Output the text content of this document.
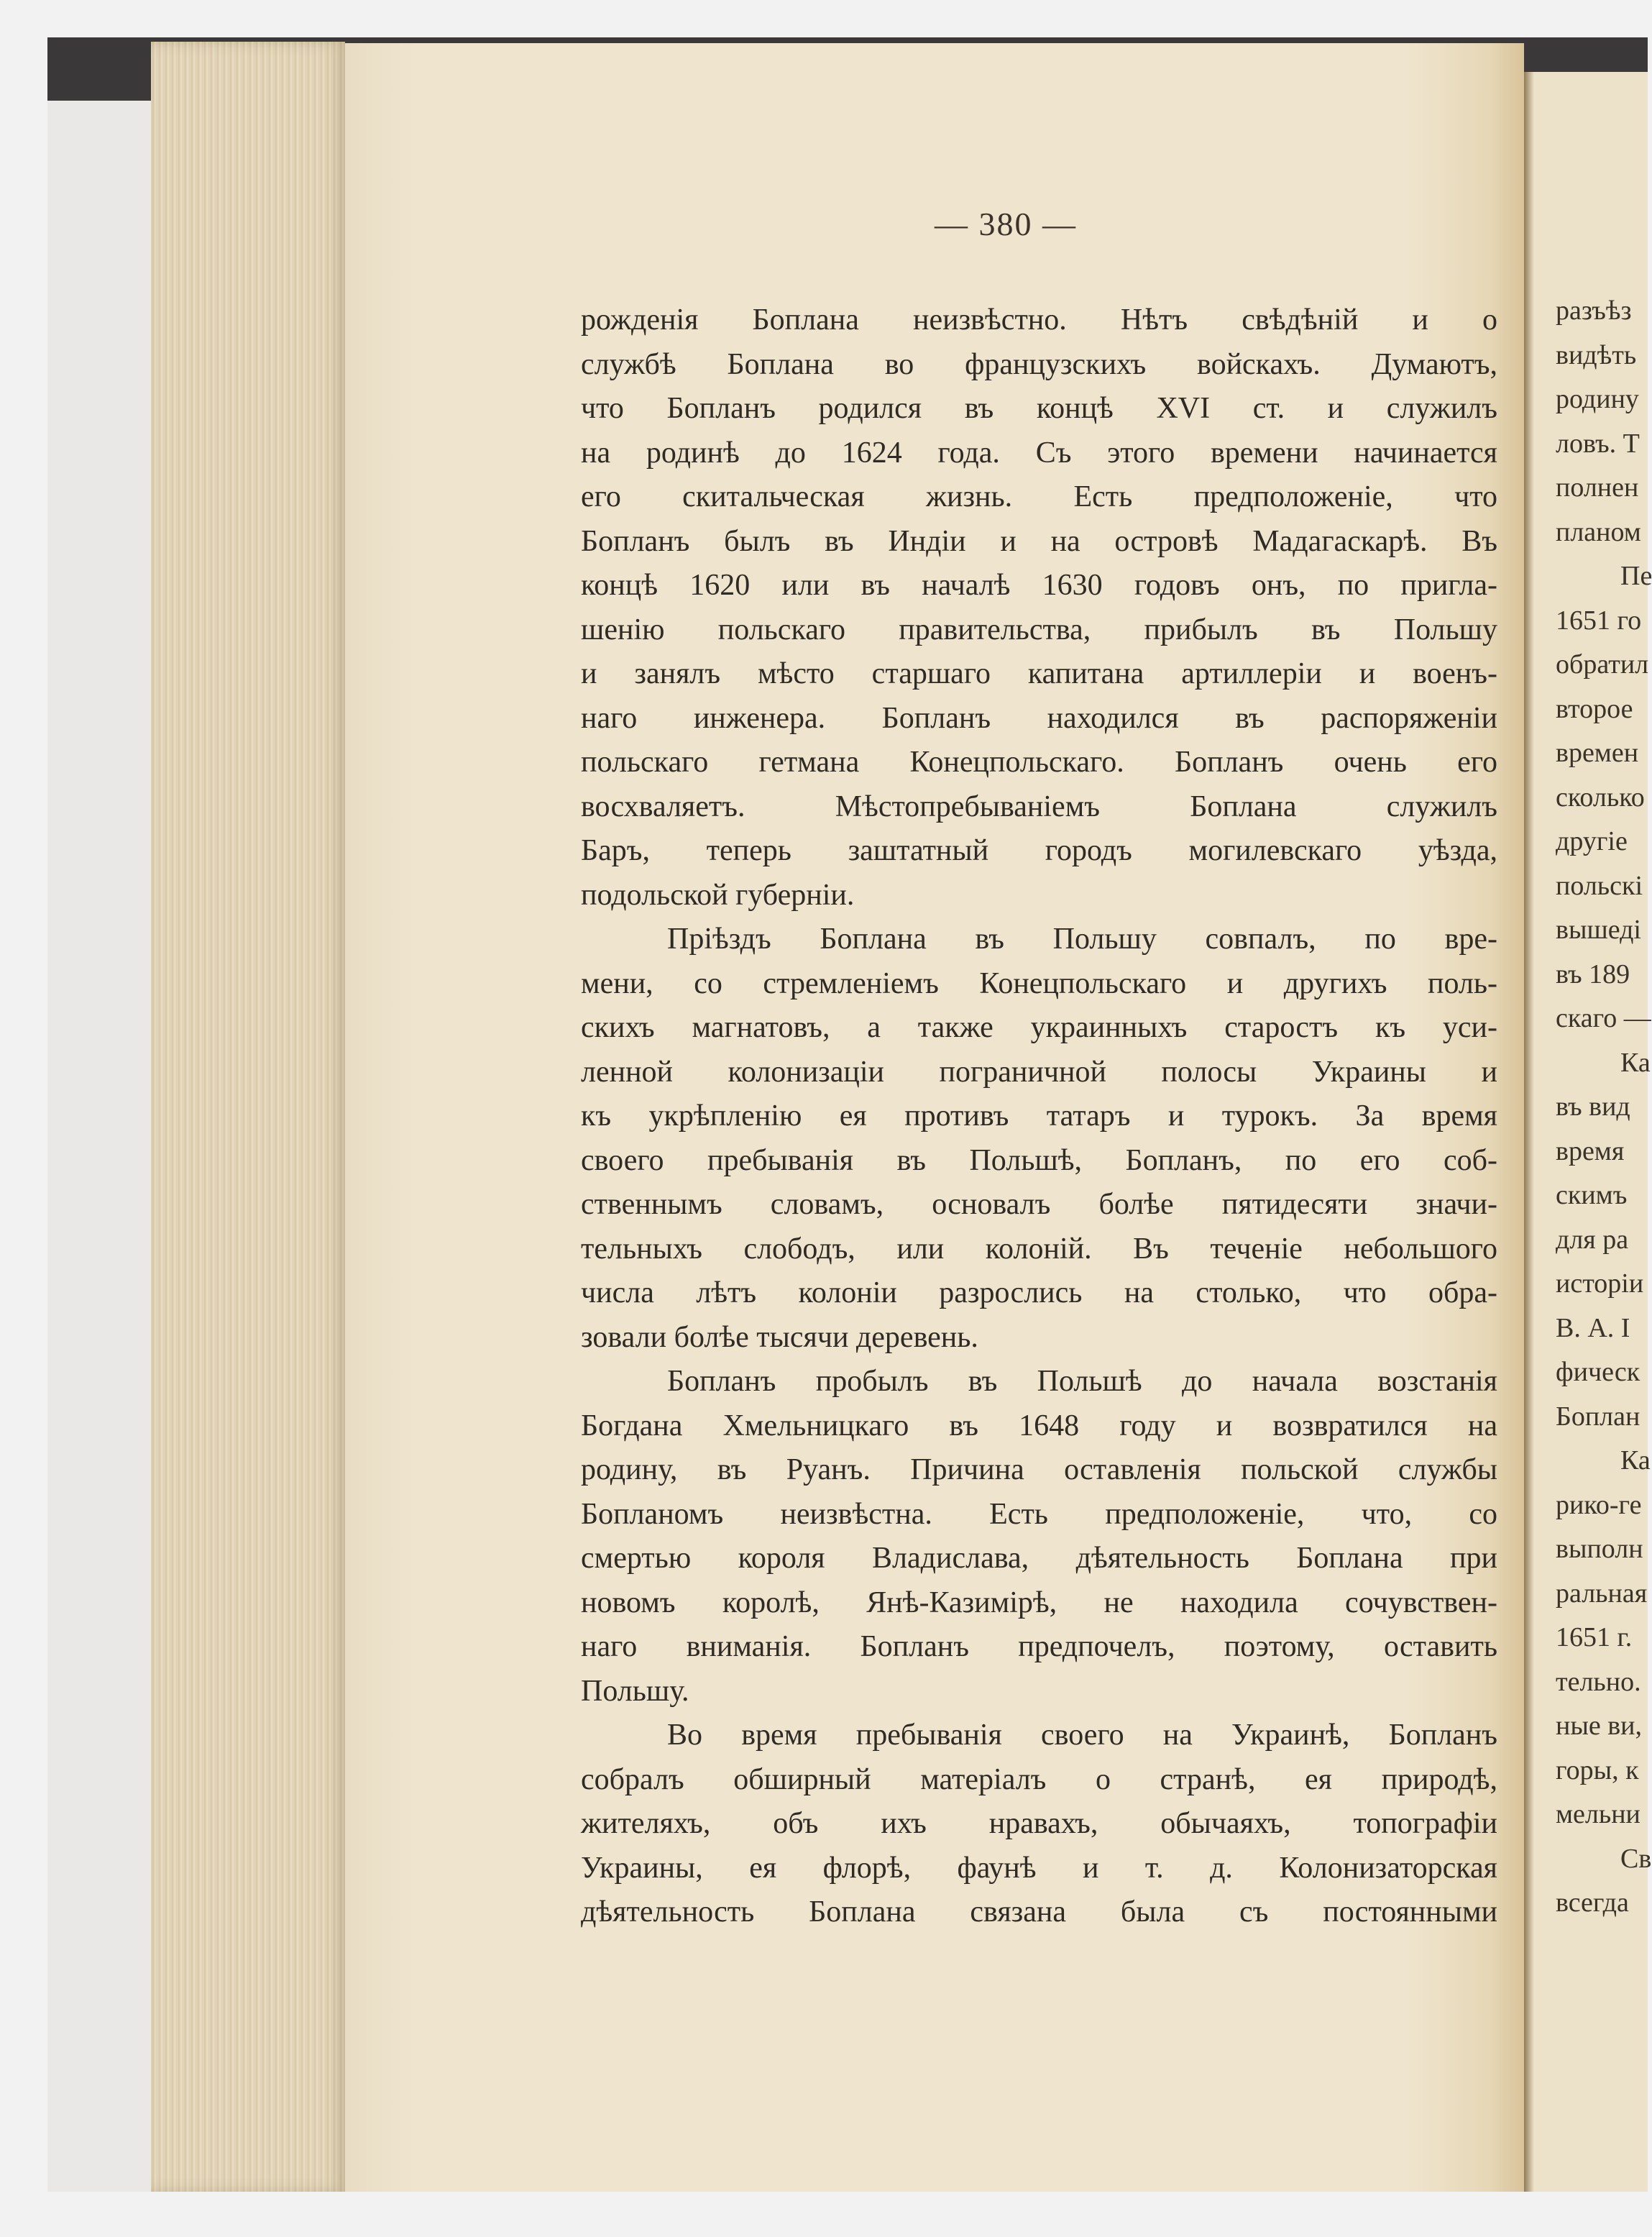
— 380 —
рожденія Боплана неизвѣстно. Нѣтъ свѣдѣній и о
службѣ Боплана во французскихъ войскахъ. Думаютъ,
что Бопланъ родился въ концѣ XVI ст. и служилъ
на родинѣ до 1624 года. Съ этого времени начинается
его скитальческая жизнь. Есть предположеніе, что
Бопланъ былъ въ Индіи и на островѣ Мадагаскарѣ. Въ
концѣ 1620 или въ началѣ 1630 годовъ онъ, по пригла-
шенію польскаго правительства, прибылъ въ Польшу
и занялъ мѣсто старшаго капитана артиллеріи и военъ-
наго инженера. Бопланъ находился въ распоряженіи
польскаго гетмана Конецпольскаго. Бопланъ очень его
восхваляетъ. Мѣстопребываніемъ Боплана служилъ
Баръ, теперь заштатный городъ могилевскаго уѣзда,
подольской губерніи.
Пріѣздъ Боплана въ Польшу совпалъ, по вре-
мени, со стремленіемъ Конецпольскаго и другихъ поль-
скихъ магнатовъ, а также украинныхъ старостъ къ уси-
ленной колонизаціи пограничной полосы Украины и
къ укрѣпленію ея противъ татаръ и турокъ. За время
своего пребыванія въ Польшѣ, Бопланъ, по его соб-
ственнымъ словамъ, основалъ болѣе пятидесяти значи-
тельныхъ слободъ, или колоній. Въ теченіе небольшого
числа лѣтъ колоніи разрослись на столько, что обра-
зовали болѣе тысячи деревень.
Бопланъ пробылъ въ Польшѣ до начала возстанія
Богдана Хмельницкаго въ 1648 году и возвратился на
родину, въ Руанъ. Причина оставленія польской службы
Бопланомъ неизвѣстна. Есть предположеніе, что, со
смертью короля Владислава, дѣятельность Боплана при
новомъ королѣ, Янѣ-Казимірѣ, не находила сочувствен-
наго вниманія. Бопланъ предпочелъ, поэтому, оставить
Польшу.
Во время пребыванія своего на Украинѣ, Бопланъ
собралъ обширный матеріалъ о странѣ, ея природѣ,
жителяхъ, объ ихъ нравахъ, обычаяхъ, топографіи
Украины, ея флорѣ, фаунѣ и т. д. Колонизаторская
дѣятельность Боплана связана была съ постоянными
разъѣз
видѣть
родину
ловъ. Т
полнен
планом
Пе
1651 го
обратил
второе
времен
сколько
другіе
польскі
вышеді
въ 189
скаго —
Ка
въ вид
время
скимъ
для ра
исторіи
В. А. І
фическ
Боплан
Ка
рико-ге
выполн
ральная
1651 г.
тельно.
ные ви,
горы, к
мельни
Св
всегда
